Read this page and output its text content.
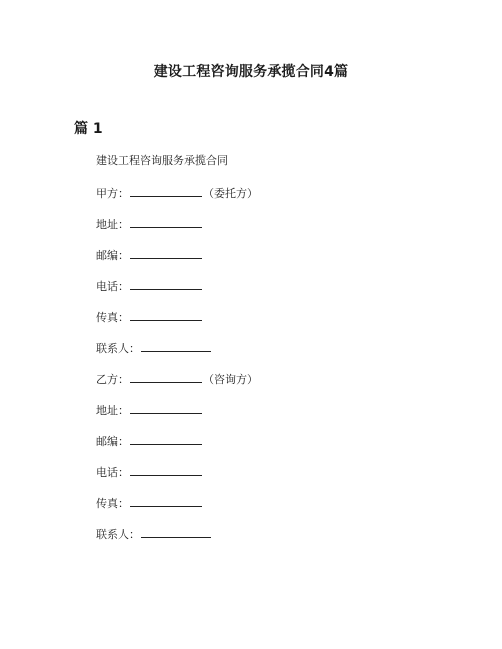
建设工程咨询服务承揽合同4篇
篇 1
建设工程咨询服务承揽合同
甲方：	（委托方）
地址：
邮编：
电话：
传真：
联系人：
乙方：	（咨询方）
地址：
邮编：
电话：
传真：
联系人：
